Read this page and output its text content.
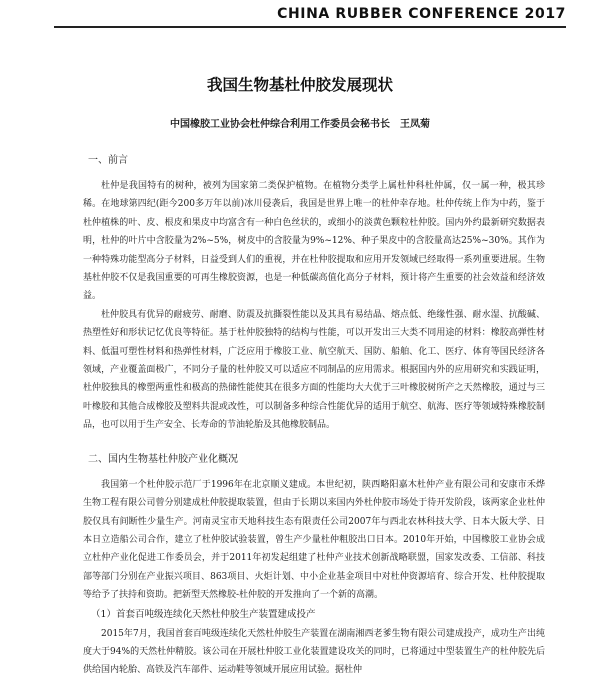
CHINA RUBBER CONFERENCE 2017
我国生物基杜仲胶发展现状
中国橡胶工业协会杜仲综合利用工作委员会秘书长　王凤菊
一、前言

杜仲是我国特有的树种，被列为国家第二类保护植物。在植物分类学上属杜仲科杜仲属，仅一属一种，极其珍稀。在地球第四纪(距今200多万年以前)冰川侵袭后，我国是世界上唯一的杜仲幸存地。杜仲传统上作为中药，鉴于杜仲植株的叶、皮、根皮和果皮中均富含有一种白色丝状的，或细小的淡黄色颗粒杜仲胶。国内外约最新研究数据表明，杜仲的叶片中含胶量为2%~5%，树皮中的含胶量为9%~12%、种子果皮中的含胶量高达25%~30%。其作为一种特殊功能型高分子材料，日益受到人们的重视，并在杜仲胶提取和应用开发领域已经取得一系列重要进展。生物基杜仲胶不仅是我国重要的可再生橡胶资源，也是一种低碳高值化高分子材料，预计将产生重要的社会效益和经济效益。

杜仲胶具有优异的耐疲劳、耐磨、防震及抗撕裂性能以及其具有易结晶、熔点低、绝缘性强、耐水湿、抗酸碱、热塑性好和形状记忆优良等特征。基于杜仲胶独特的结构与性能，可以开发出三大类不同用途的材料：橡胶高弹性材料、低温可塑性材料和热弹性材料，广泛应用于橡胶工业、航空航天、国防、船舶、化工、医疗、体育等国民经济各领域，产业覆盖面极广，不同分子量的杜仲胶又可以适应不同制品的应用需求。根据国内外的应用研究和实践证明，杜仲胶独具的橡塑两重性和极高的热储性能使其在很多方面的性能均大大优于三叶橡胶树所产之天然橡胶，通过与三叶橡胶和其他合成橡胶及塑料共混或改性，可以制备多种综合性能优异的适用于航空、航海、医疗等领域特殊橡胶制品，也可以用于生产安全、长寿命的节油轮胎及其他橡胶制品。

二、国内生物基杜仲胶产业化概况

我国第一个杜仲胶示范厂于1996年在北京顺义建成。本世纪初，陕西略阳嘉木杜仲产业有限公司和安康市禾烨生物工程有限公司曾分别建成杜仲胶提取装置，但由于长期以来国内外杜仲胶市场处于待开发阶段，该两家企业杜仲胶仅具有间断性少量生产。河南灵宝市天地科技生态有限责任公司2007年与西北农林科技大学、日本大阪大学、日本日立造船公司合作，建立了杜仲胶试验装置，曾生产少量杜仲粗胶出口日本。2010年开始，中国橡胶工业协会成立杜仲产业化促进工作委员会，并于2011年初发起组建了杜仲产业技术创新战略联盟，国家发改委、工信部、科技部等部门分别在产业振兴项目、863项目、火炬计划、中小企业基金项目中对杜仲资源培育、综合开发、杜仲胶提取等给予了扶持和资助。把新型天然橡胶-杜仲胶的开发推向了一个新的高潮。

（1）首套百吨级连续化天然杜仲胶生产装置建成投产

2015年7月，我国首套百吨级连续化天然杜仲胶生产装置在湖南湘西老爹生物有限公司建成投产，成功生产出纯度大于94%的天然杜仲精胶。该公司在开展杜仲胶工业化装置建设攻关的同时，已将通过中型装置生产的杜仲胶先后供给国内轮胎、高铁及汽车部件、运动鞋等领域开展应用试验。据杜仲
